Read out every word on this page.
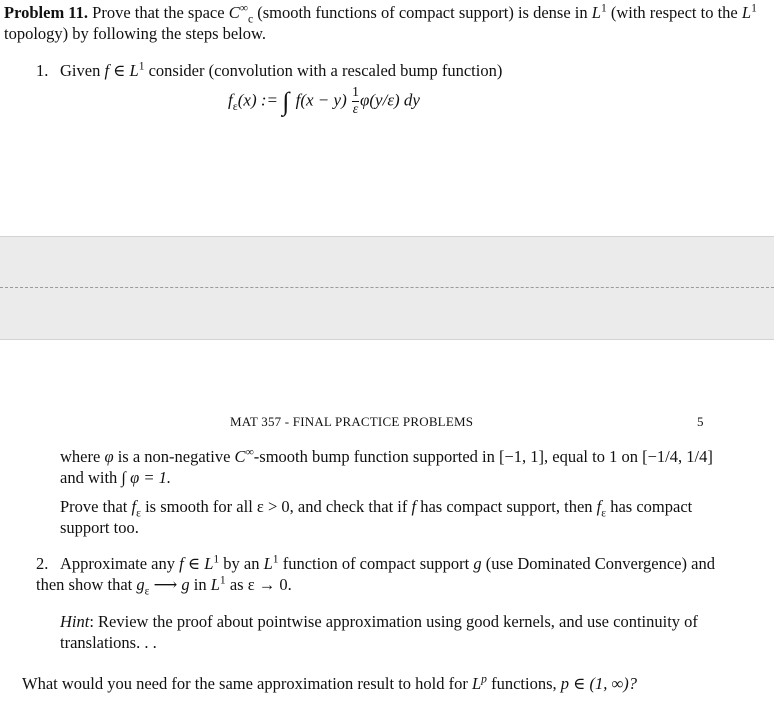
Problem 11. Prove that the space $C^\infty_c$ (smooth functions of compact support) is dense in $L^1$ (with respect to the $L^1$ topology) by following the steps below.
1. Given f ∈ $L^1$ consider (convolution with a rescaled bump function)
$f_\varepsilon(x)$ := ∫ $f(x - y) \frac{1}{\varepsilon} \varphi(y/\varepsilon)$ dy
MAT 357 - FINAL PRACTICE PROBLEMS	5
where φ is a non-negative C∞-smooth bump function supported in [−1, 1], equal to 1 on [−1/4, 1/4] and with ∫ φ = 1.
Prove that $f_\varepsilon$ is smooth for all ε > 0, and check that if f has compact support, then $f_\varepsilon$ has compact support too.
2. Approximate any f ∈ $L^1$ by an $L^1$ function of compact support g (use Dominated Convergence) and then show that $g_\varepsilon$ ⟶ g in $L^1$ as ε → 0.
Hint: Review the proof about pointwise approximation using good kernels, and use continuity of translations. . .
What would you need for the same approximation result to hold for $L^p$ functions, p ∈ (1, ∞)?
